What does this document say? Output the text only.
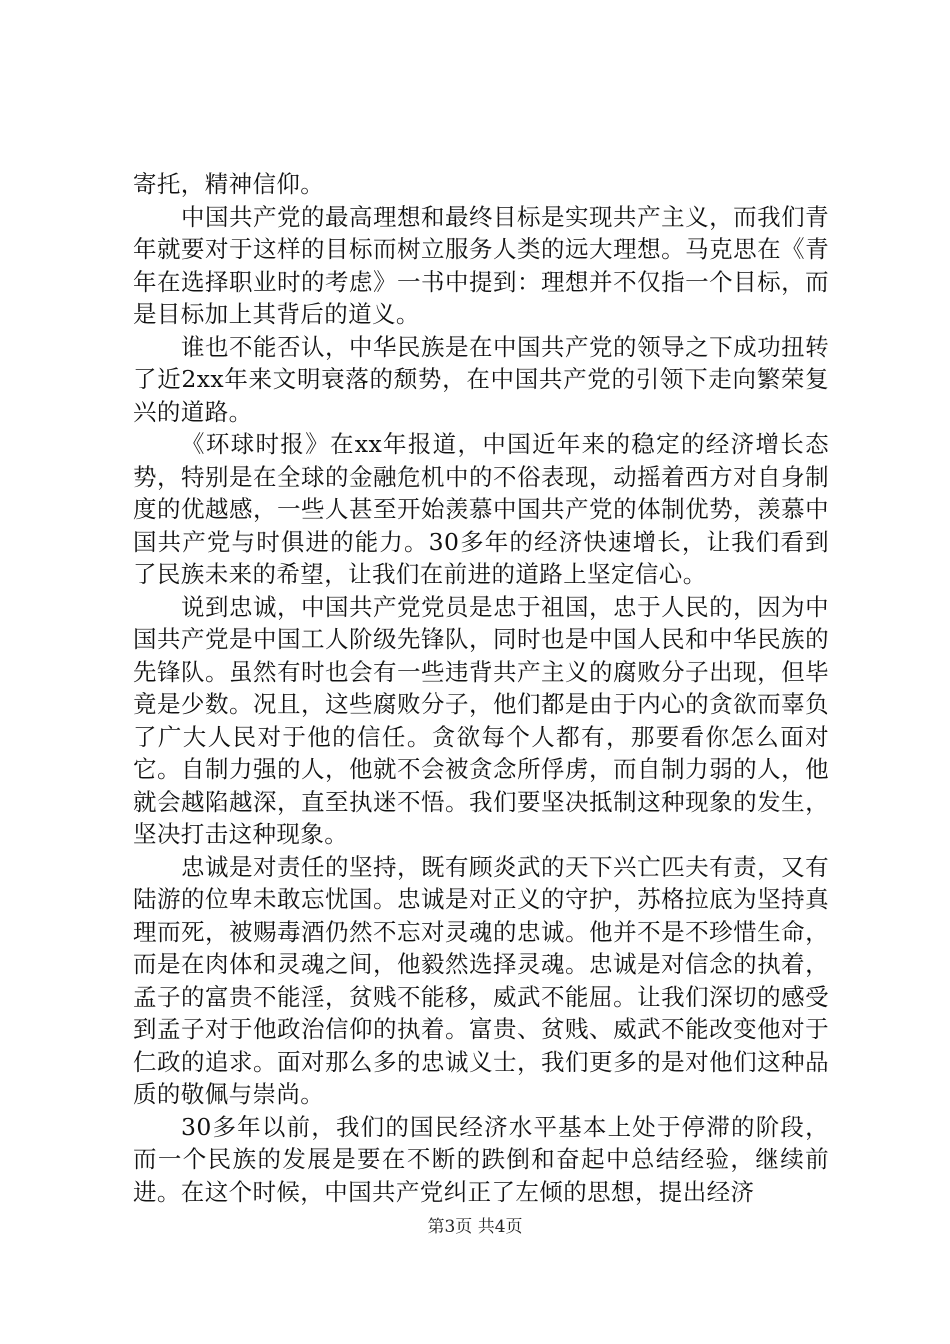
寄托，精神信仰。

中国共产党的最高理想和最终目标是实现共产主义，而我们青年就要对于这样的目标而树立服务人类的远大理想。马克思在《青年在选择职业时的考虑》一书中提到：理想并不仅指一个目标，而是目标加上其背后的道义。

谁也不能否认，中华民族是在中国共产党的领导之下成功扭转了近2xx年来文明衰落的颓势，在中国共产党的引领下走向繁荣复兴的道路。

《环球时报》在xx年报道，中国近年来的稳定的经济增长态势，特别是在全球的金融危机中的不俗表现，动摇着西方对自身制度的优越感，一些人甚至开始羡慕中国共产党的体制优势，羡慕中国共产党与时俱进的能力。30多年的经济快速增长，让我们看到了民族未来的希望，让我们在前进的道路上坚定信心。

说到忠诚，中国共产党党员是忠于祖国，忠于人民的，因为中国共产党是中国工人阶级先锋队，同时也是中国人民和中华民族的先锋队。虽然有时也会有一些违背共产主义的腐败分子出现，但毕竟是少数。况且，这些腐败分子，他们都是由于内心的贪欲而辜负了广大人民对于他的信任。贪欲每个人都有，那要看你怎么面对它。自制力强的人，他就不会被贪念所俘虏，而自制力弱的人，他就会越陷越深，直至执迷不悟。我们要坚决抵制这种现象的发生，坚决打击这种现象。

忠诚是对责任的坚持，既有顾炎武的天下兴亡匹夫有责，又有陆游的位卑未敢忘忧国。忠诚是对正义的守护，苏格拉底为坚持真理而死，被赐毒酒仍然不忘对灵魂的忠诚。他并不是不珍惜生命，而是在肉体和灵魂之间，他毅然选择灵魂。忠诚是对信念的执着，孟子的富贵不能淫，贫贱不能移，威武不能屈。让我们深切的感受到孟子对于他政治信仰的执着。富贵、贫贱、威武不能改变他对于仁政的追求。面对那么多的忠诚义士，我们更多的是对他们这种品质的敬佩与崇尚。

30多年以前，我们的国民经济水平基本上处于停滞的阶段，而一个民族的发展是要在不断的跌倒和奋起中总结经验，继续前进。在这个时候，中国共产党纠正了左倾的思想，提出经济

第3页 共4页
